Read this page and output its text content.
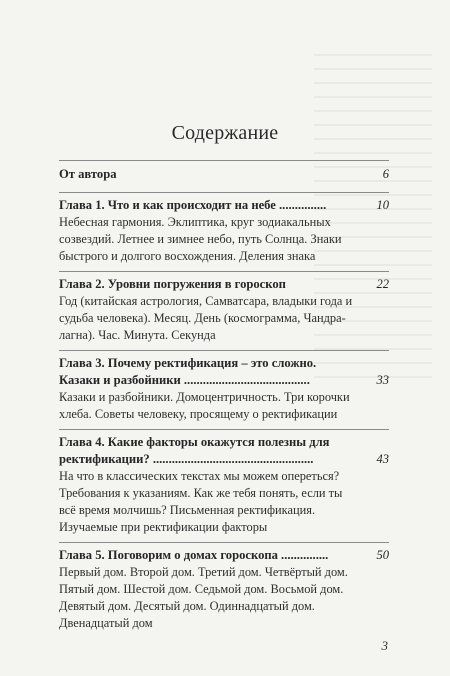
Содержание
От автора	6
Глава 1. Что и как происходит на небе ...............	10
Небесная гармония. Эклиптика, круг зодиакальных
созвездий. Летнее и зимнее небо, путь Солнца. Знаки
быстрого и долгого восхождения. Деления знака
Глава 2. Уровни погружения в гороскоп	22
Год (китайская астрология, Самватсара, владыки года и
судьба человека). Месяц. День (космограмма, Чандра-
лагна). Час. Минута. Секунда
Глава 3. Почему ректификация – это сложно.
Казаки и разбойники ........................................	33
Казаки и разбойники. Домоцентричность. Три корочки
хлеба. Советы человеку, просящему о ректификации
Глава 4. Какие факторы окажутся полезны для
ректификации? ...................................................	43
На что в классических текстах мы можем опереться?
Требования к указаниям. Как же тебя понять, если ты
всё время молчишь? Письменная ректификация.
Изучаемые при ректификации факторы
Глава 5. Поговорим о домах гороскопа ...............	50
Первый дом. Второй дом. Третий дом. Четвёртый дом.
Пятый дом. Шестой дом. Седьмой дом. Восьмой дом.
Девятый дом. Десятый дом. Одиннадцатый дом.
Двенадцатый дом
3
